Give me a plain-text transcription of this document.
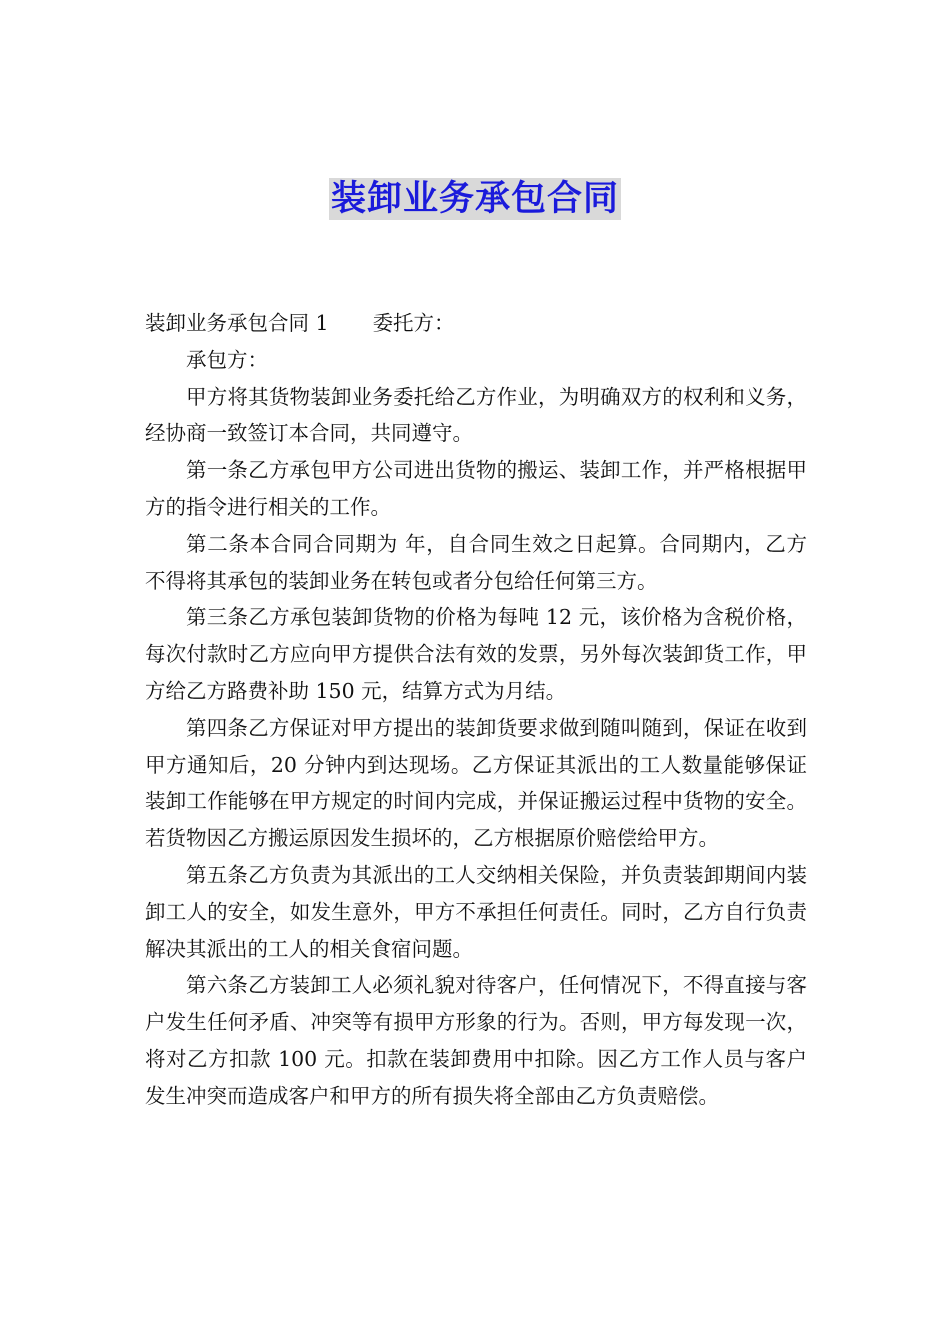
装卸业务承包合同

装卸业务承包合同 1 委托方：

承包方：

甲方将其货物装卸业务委托给乙方作业，为明确双方的权利和义务，经协商一致签订本合同，共同遵守。

第一条乙方承包甲方公司进出货物的搬运、装卸工作，并严格根据甲方的指令进行相关的工作。

第二条本合同合同期为 年，自合同生效之日起算。合同期内，乙方不得将其承包的装卸业务在转包或者分包给任何第三方。

第三条乙方承包装卸货物的价格为每吨 12 元，该价格为含税价格，每次付款时乙方应向甲方提供合法有效的发票，另外每次装卸货工作，甲方给乙方路费补助 150 元，结算方式为月结。

第四条乙方保证对甲方提出的装卸货要求做到随叫随到，保证在收到甲方通知后，20 分钟内到达现场。乙方保证其派出的工人数量能够保证装卸工作能够在甲方规定的时间内完成，并保证搬运过程中货物的安全。若货物因乙方搬运原因发生损坏的，乙方根据原价赔偿给甲方。

第五条乙方负责为其派出的工人交纳相关保险，并负责装卸期间内装卸工人的安全，如发生意外，甲方不承担任何责任。同时，乙方自行负责解决其派出的工人的相关食宿问题。

第六条乙方装卸工人必须礼貌对待客户，任何情况下，不得直接与客户发生任何矛盾、冲突等有损甲方形象的行为。否则，甲方每发现一次，将对乙方扣款 100 元。扣款在装卸费用中扣除。因乙方工作人员与客户发生冲突而造成客户和甲方的所有损失将全部由乙方负责赔偿。
